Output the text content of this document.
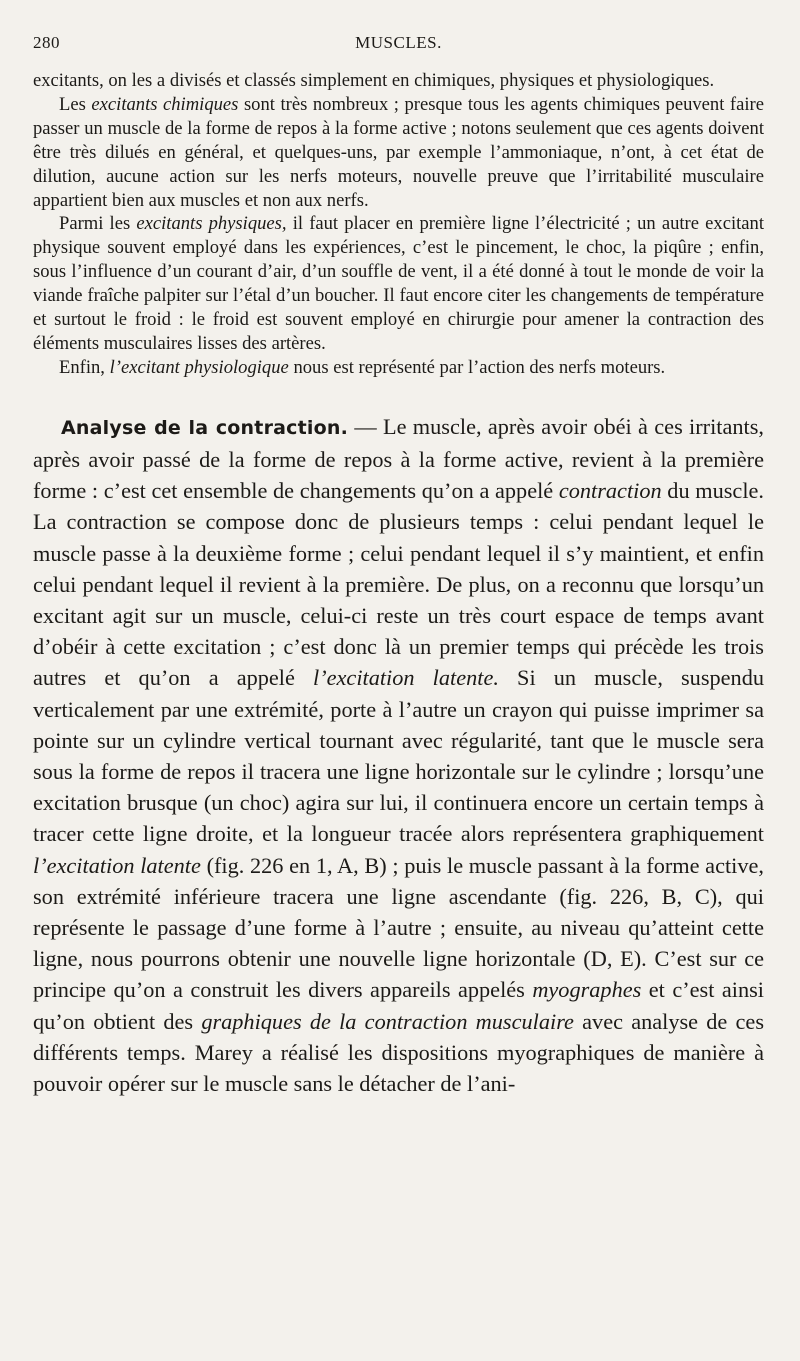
280	MUSCLES.

excitants, on les a divisés et classés simplement en chimiques, physiques et physiologiques.

Les excitants chimiques sont très nombreux ; presque tous les agents chimiques peuvent faire passer un muscle de la forme de repos à la forme active ; notons seulement que ces agents doivent être très dilués en général, et quelques-uns, par exemple l’ammoniaque, n’ont, à cet état de dilution, aucune action sur les nerfs moteurs, nouvelle preuve que l’irritabilité musculaire appartient bien aux muscles et non aux nerfs.

Parmi les excitants physiques, il faut placer en première ligne l’électricité ; un autre excitant physique souvent employé dans les expériences, c’est le pincement, le choc, la piqûre ; enfin, sous l’influence d’un courant d’air, d’un souffle de vent, il a été donné à tout le monde de voir la viande fraîche palpiter sur l’étal d’un boucher. Il faut encore citer les changements de température et surtout le froid : le froid est souvent employé en chirurgie pour amener la contraction des éléments musculaires lisses des artères.

Enfin, l’excitant physiologique nous est représenté par l’action des nerfs moteurs.

Analyse de la contraction. — Le muscle, après avoir obéi à ces irritants, après avoir passé de la forme de repos à la forme active, revient à la première forme : c’est cet ensemble de changements qu’on a appelé contraction du muscle. La contraction se compose donc de plusieurs temps : celui pendant lequel le muscle passe à la deuxième forme ; celui pendant lequel il s’y maintient, et enfin celui pendant lequel il revient à la première. De plus, on a reconnu que lorsqu’un excitant agit sur un muscle, celui-ci reste un très court espace de temps avant d’obéir à cette excitation ; c’est donc là un premier temps qui précède les trois autres et qu’on a appelé l’excitation latente. Si un muscle, suspendu verticalement par une extrémité, porte à l’autre un crayon qui puisse imprimer sa pointe sur un cylindre vertical tournant avec régularité, tant que le muscle sera sous la forme de repos il tracera une ligne horizontale sur le cylindre ; lorsqu’une excitation brusque (un choc) agira sur lui, il continuera encore un certain temps à tracer cette ligne droite, et la longueur tracée alors représentera graphiquement l’excitation latente (fig. 226 en 1, A, B) ; puis le muscle passant à la forme active, son extrémité inférieure tracera une ligne ascendante (fig. 226, B, C), qui représente le passage d’une forme à l’autre ; ensuite, au niveau qu’atteint cette ligne, nous pourrons obtenir une nouvelle ligne horizontale (D, E). C’est sur ce principe qu’on a construit les divers appareils appelés myographes et c’est ainsi qu’on obtient des graphiques de la contraction musculaire avec analyse de ces différents temps. Marey a réalisé les dispositions myographiques de manière à pouvoir opérer sur le muscle sans le détacher de l’ani-
